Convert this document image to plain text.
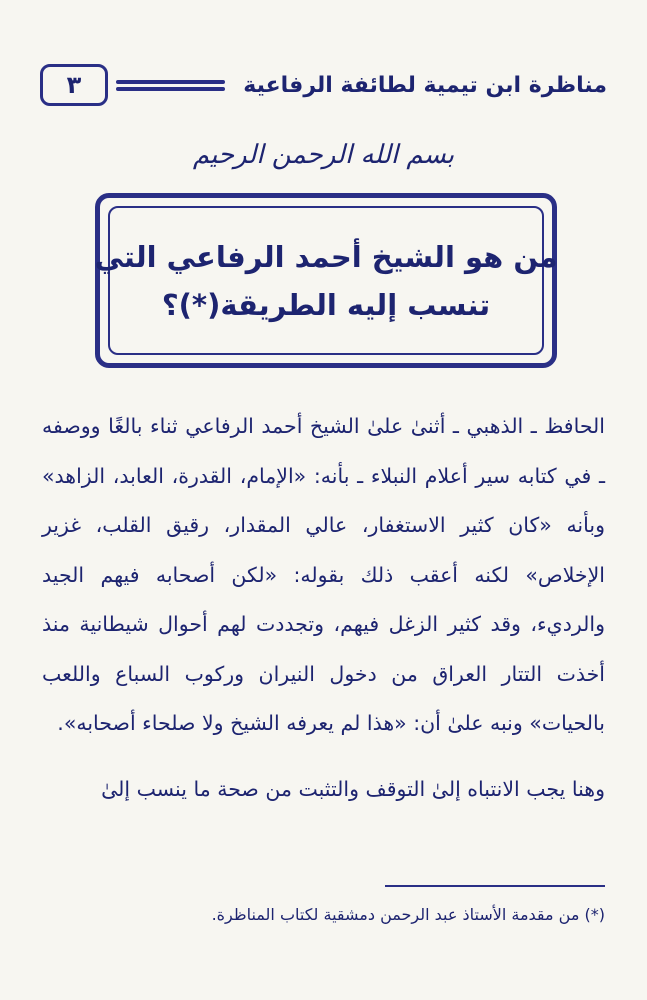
مناظرة ابن تيمية لطائفة الرفاعية
٣
بسم الله الرحمن الرحيم
من هو الشيخ أحمد الرفاعي التي
تنسب إليه الطريقة(*)؟

الحافظ ـ الذهبي ـ أثنىٰ علىٰ الشيخ أحمد الرفاعي ثناء بالغًا ووصفه ـ في كتابه سير أعلام النبلاء ـ بأنه: «الإمام، القدرة، العابد، الزاهد» وبأنه «كان كثير الاستغفار، عالي المقدار، رقيق القلب، غزير الإخلاص» لكنه أعقب ذلك بقوله: «لكن أصحابه فيهم الجيد والرديء، وقد كثير الزغل فيهم، وتجددت لهم أحوال شيطانية منذ أخذت التتار العراق من دخول النيران وركوب السباع واللعب بالحيات» ونبه علىٰ أن: «هذا لم يعرفه الشيخ ولا صلحاء أصحابه».

وهنا يجب الانتباه إلىٰ التوقف والتثبت من صحة ما ينسب إلىٰ

(*) من مقدمة الأستاذ عبد الرحمن دمشقية لكتاب المناظرة.
